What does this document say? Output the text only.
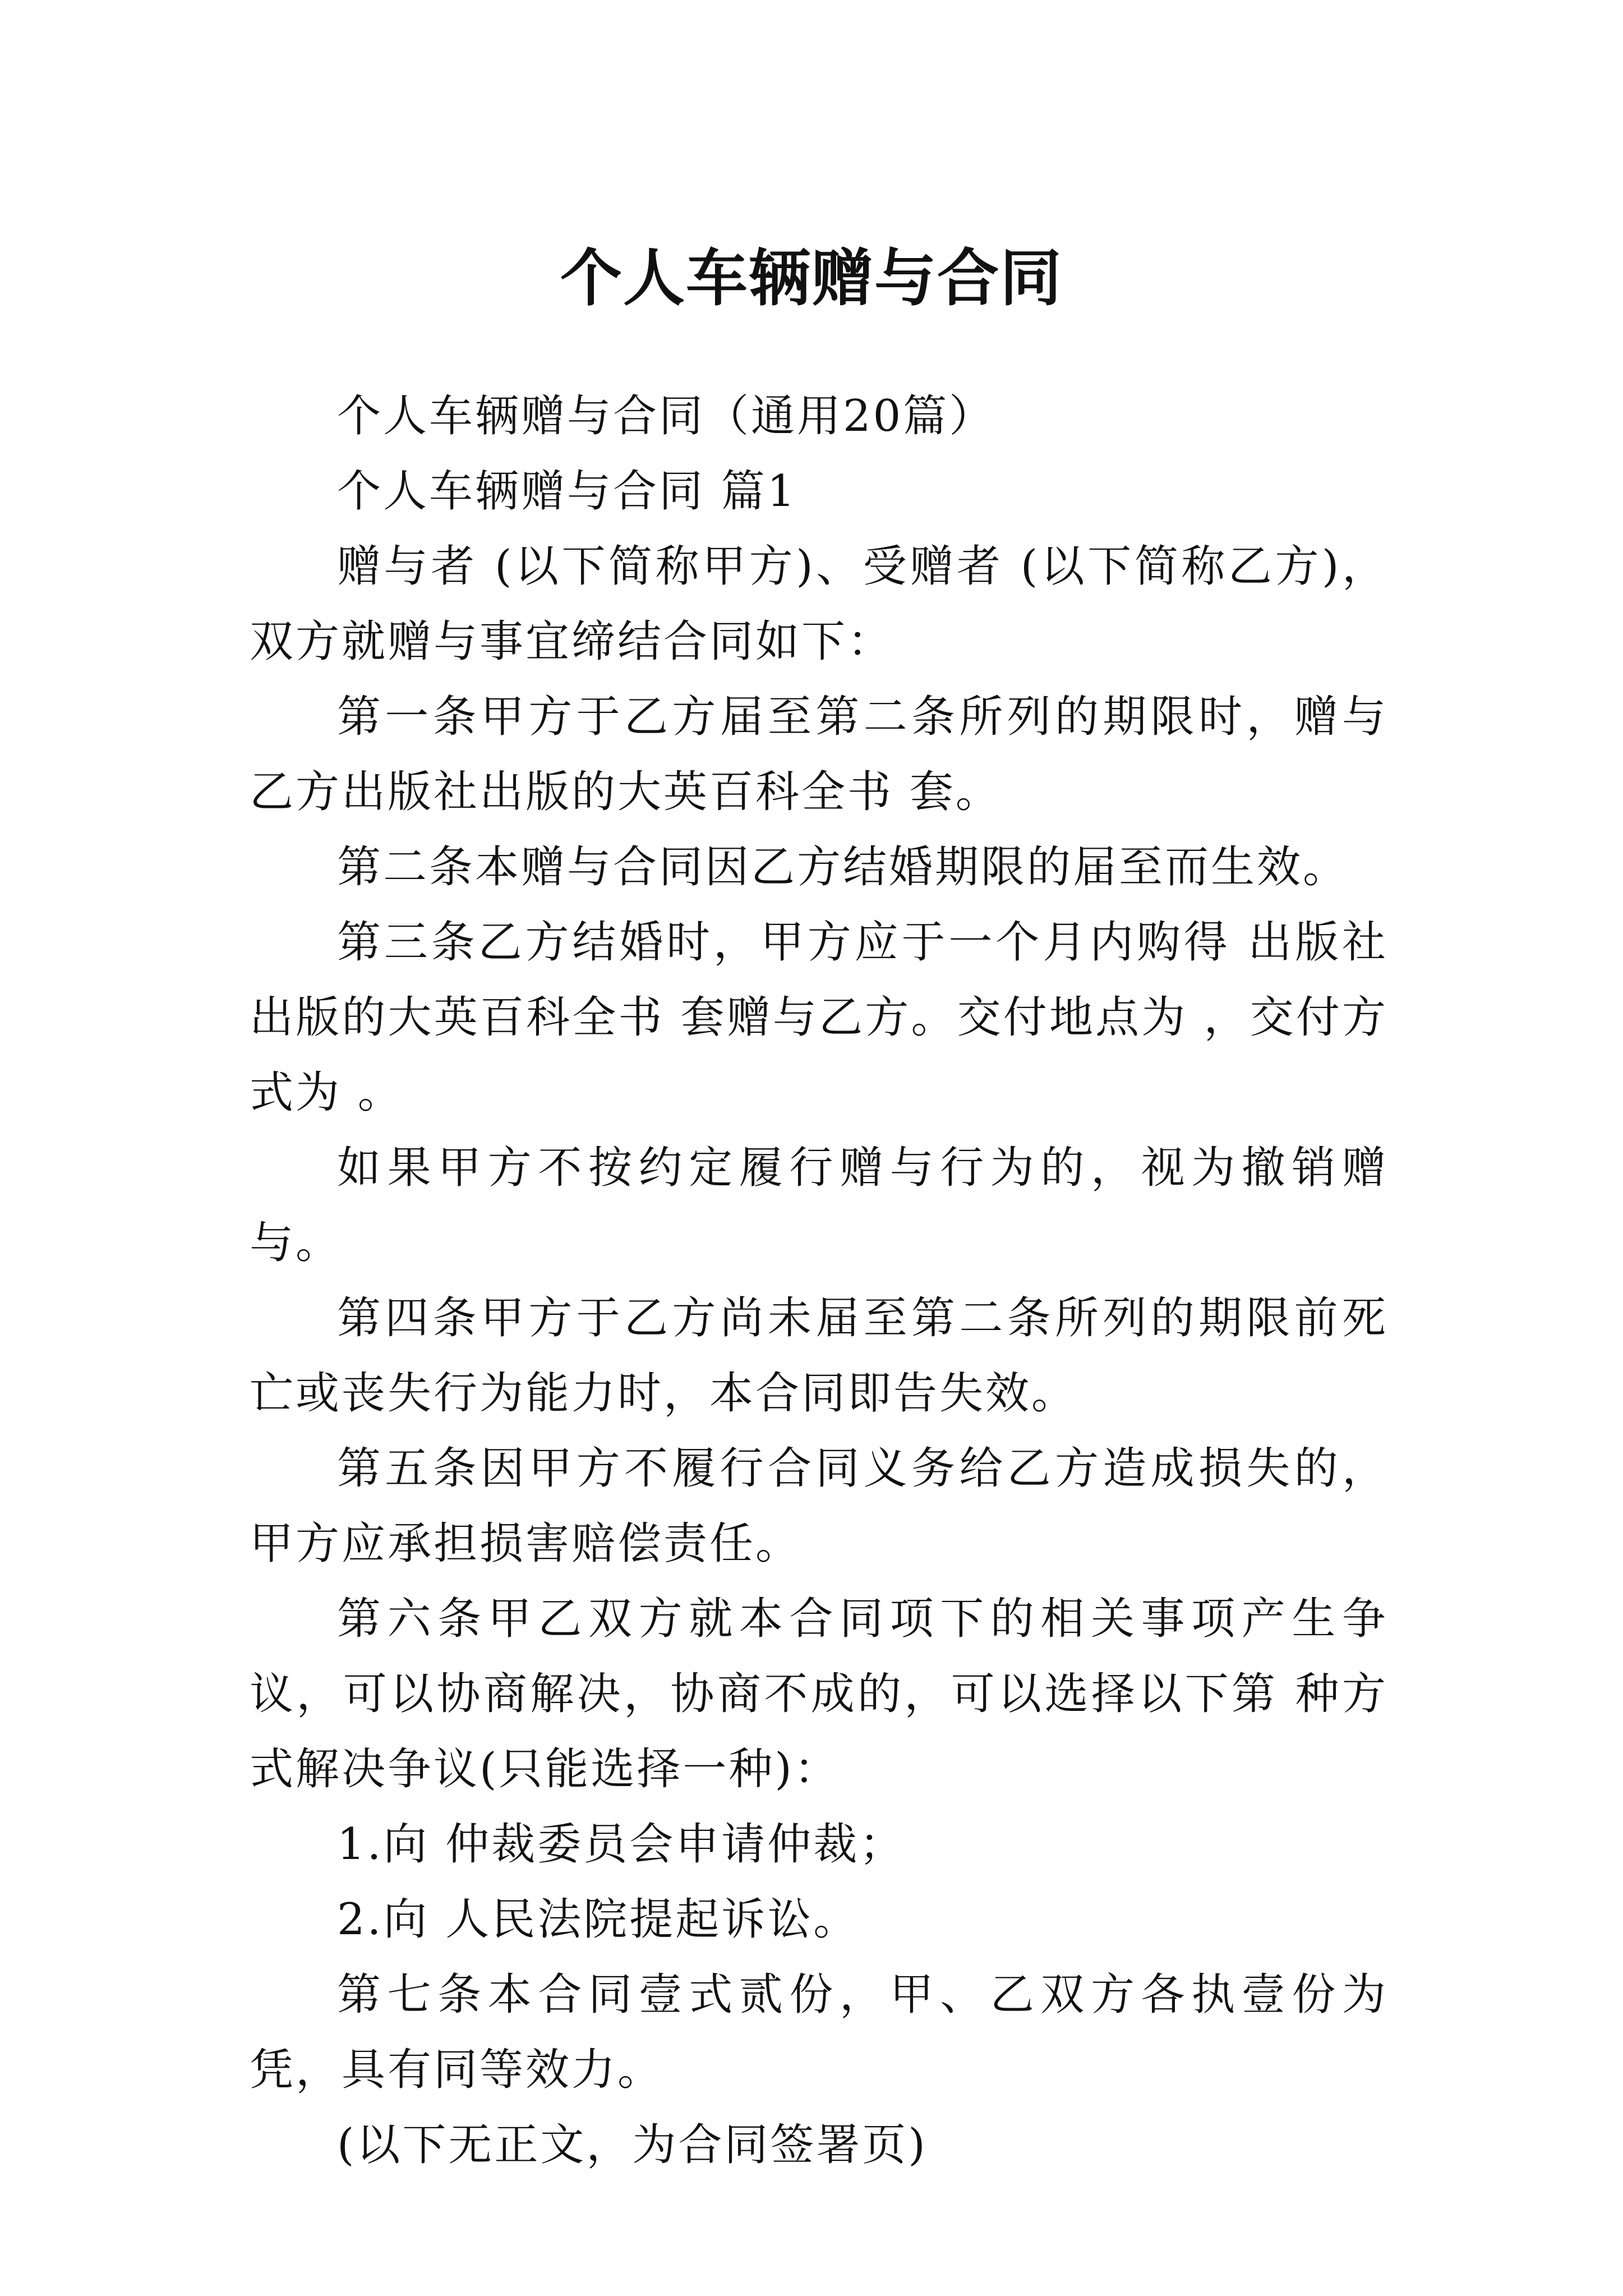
个人车辆赠与合同

个人车辆赠与合同（通用20篇）

个人车辆赠与合同 篇1

赠与者 (以下简称甲方)、受赠者 (以下简称乙方)，双方就赠与事宜缔结合同如下：

第一条甲方于乙方届至第二条所列的期限时，赠与乙方出版社出版的大英百科全书 套。

第二条本赠与合同因乙方结婚期限的届至而生效。

第三条乙方结婚时，甲方应于一个月内购得 出版社出版的大英百科全书 套赠与乙方。交付地点为 ，交付方式为 。

如果甲方不按约定履行赠与行为的，视为撤销赠与。

第四条甲方于乙方尚未届至第二条所列的期限前死亡或丧失行为能力时，本合同即告失效。

第五条因甲方不履行合同义务给乙方造成损失的，甲方应承担损害赔偿责任。

第六条甲乙双方就本合同项下的相关事项产生争议，可以协商解决，协商不成的，可以选择以下第 种方式解决争议(只能选择一种)：

1.向 仲裁委员会申请仲裁；

2.向 人民法院提起诉讼。

第七条本合同壹式贰份，甲、乙双方各执壹份为凭，具有同等效力。

(以下无正文，为合同签署页)
